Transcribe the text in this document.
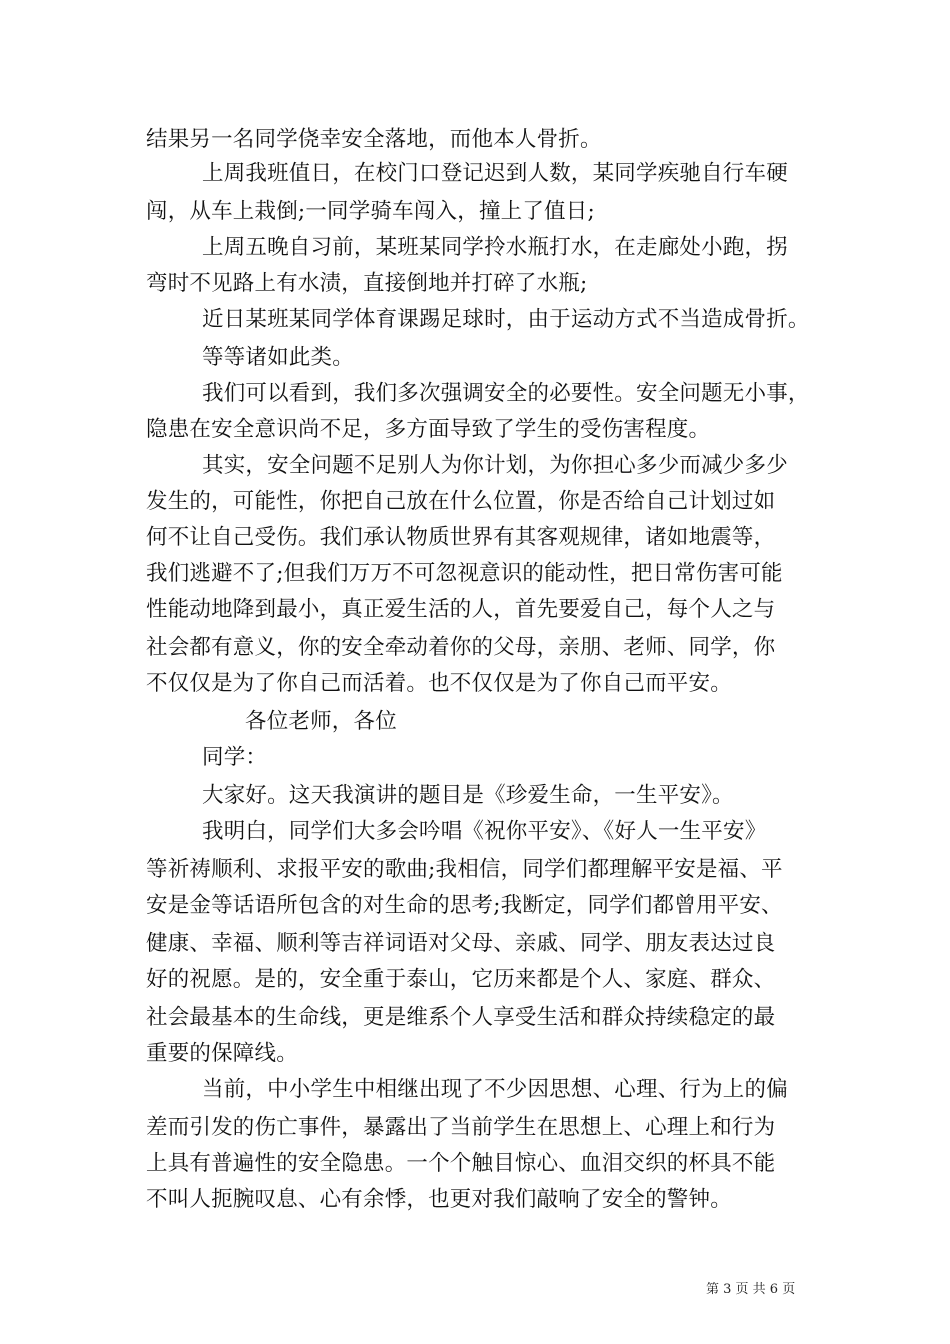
结果另一名同学侥幸安全落地，而他本人骨折。
上周我班值日，在校门口登记迟到人数，某同学疾驰自行车硬
闯，从车上栽倒;一同学骑车闯入，撞上了值日;
上周五晚自习前，某班某同学拎水瓶打水，在走廊处小跑，拐
弯时不见路上有水渍，直接倒地并打碎了水瓶;
近日某班某同学体育课踢足球时，由于运动方式不当造成骨折。
等等诸如此类。
我们可以看到，我们多次强调安全的必要性。安全问题无小事，
隐患在安全意识尚不足，多方面导致了学生的受伤害程度。
其实，安全问题不足别人为你计划，为你担心多少而减少多少
发生的，可能性，你把自己放在什么位置，你是否给自己计划过如
何不让自己受伤。我们承认物质世界有其客观规律，诸如地震等，
我们逃避不了;但我们万万不可忽视意识的能动性，把日常伤害可能
性能动地降到最小，真正爱生活的人，首先要爱自己，每个人之与
社会都有意义，你的安全牵动着你的父母，亲朋、老师、同学，你
不仅仅是为了你自己而活着。也不仅仅是为了你自己而平安。
各位老师，各位
同学：
大家好。这天我演讲的题目是《珍爱生命，一生平安》。
我明白，同学们大多会吟唱《祝你平安》、《好人一生平安》
等祈祷顺利、求报平安的歌曲;我相信，同学们都理解平安是福、平
安是金等话语所包含的对生命的思考;我断定，同学们都曾用平安、
健康、幸福、顺利等吉祥词语对父母、亲戚、同学、朋友表达过良
好的祝愿。是的，安全重于泰山，它历来都是个人、家庭、群众、
社会最基本的生命线，更是维系个人享受生活和群众持续稳定的最
重要的保障线。
当前，中小学生中相继出现了不少因思想、心理、行为上的偏
差而引发的伤亡事件，暴露出了当前学生在思想上、心理上和行为
上具有普遍性的安全隐患。一个个触目惊心、血泪交织的杯具不能
不叫人扼腕叹息、心有余悸，也更对我们敲响了安全的警钟。
第 3 页 共 6 页
